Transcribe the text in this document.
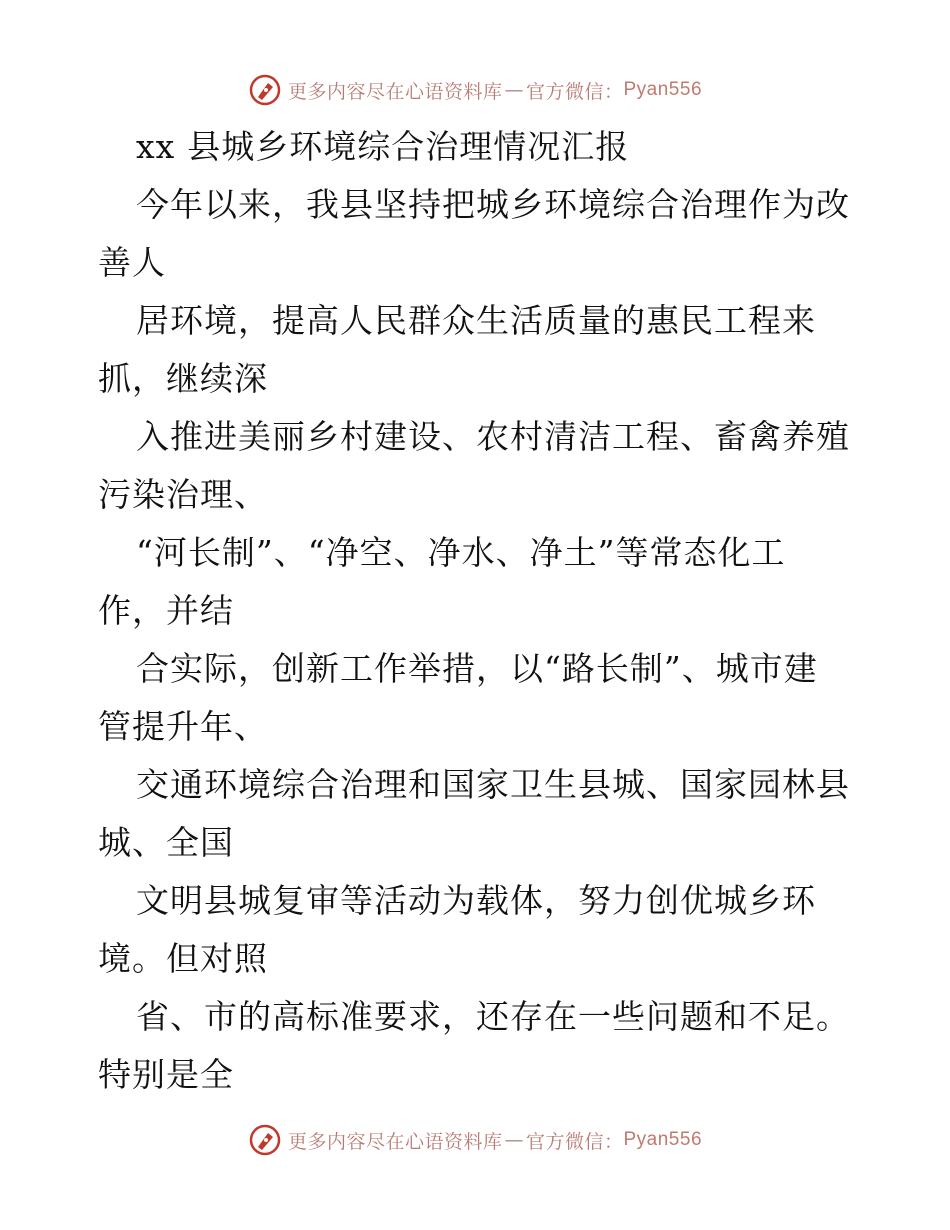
更多内容尽在心语资料库 — 官方微信： Pyan556
xx 县城乡环境综合治理情况汇报
今年以来，我县坚持把城乡环境综合治理作为改
善人
居环境，提高人民群众生活质量的惠民工程来
抓，继续深
入推进美丽乡村建设、农村清洁工程、畜禽养殖
污染治理、
“河长制”、“净空、净水、净土”等常态化工
作，并结
合实际，创新工作举措，以“路长制”、城市建
管提升年、
交通环境综合治理和国家卫生县城、国家园林县
城、全国
文明县城复审等活动为载体，努力创优城乡环
境。但对照
省、市的高标准要求，还存在一些问题和不足。
特别是全
更多内容尽在心语资料库 — 官方微信： Pyan556
